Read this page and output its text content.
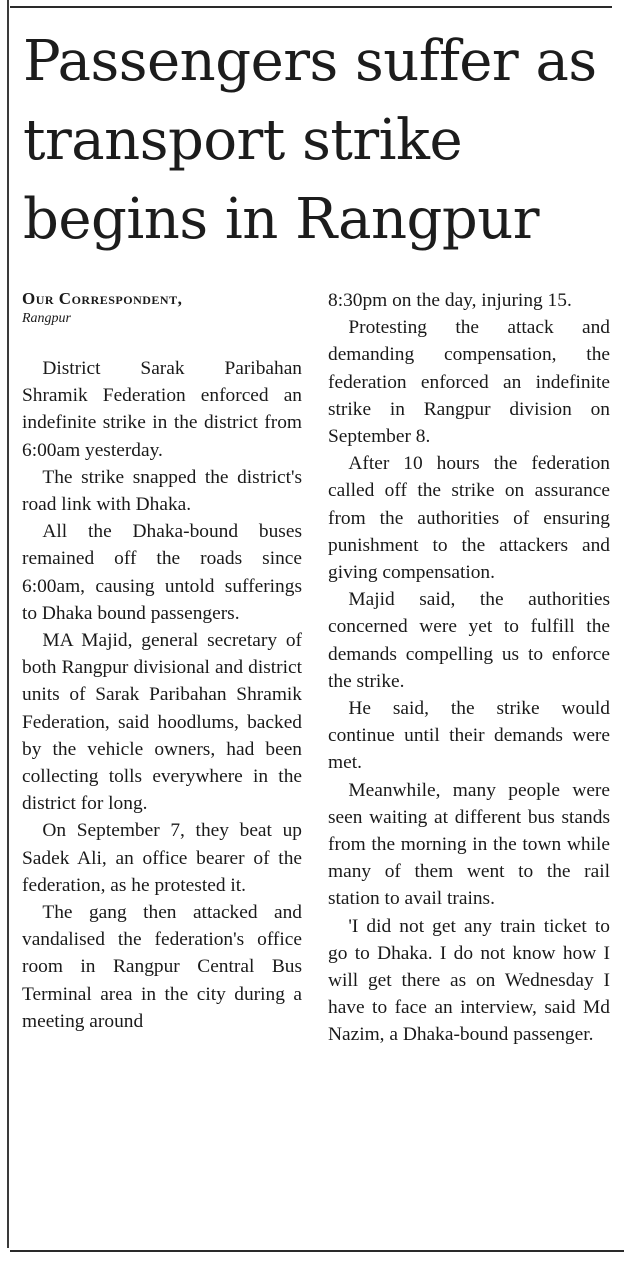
Passengers suffer as
transport strike
begins in Rangpur
Our Correspondent,
Rangpur

District Sarak Paribahan Shramik Federation enforced an indefinite strike in the district from 6:00am yesterday.

The strike snapped the district's road link with Dhaka.

All the Dhaka-bound buses remained off the roads since 6:00am, causing untold sufferings to Dhaka bound passengers.

MA Majid, general secretary of both Rangpur divisional and district units of Sarak Paribahan Shramik Federation, said hoodlums, backed by the vehicle owners, had been collecting tolls everywhere in the district for long.

On September 7, they beat up Sadek Ali, an office bearer of the federation, as he protested it.

The gang then attacked and vandalised the federation's office room in Rangpur Central Bus Terminal area in the city during a meeting around

8:30pm on the day, injuring 15.

Protesting the attack and demanding compensation, the federation enforced an indefinite strike in Rangpur division on September 8.

After 10 hours the federation called off the strike on assurance from the authorities of ensuring punishment to the attackers and giving compensation.

Majid said, the authorities concerned were yet to fulfill the demands compelling us to enforce the strike.

He said, the strike would continue until their demands were met.

Meanwhile, many people were seen waiting at different bus stands from the morning in the town while many of them went to the rail station to avail trains.

'I did not get any train ticket to go to Dhaka. I do not know how I will get there as on Wednesday I have to face an interview, said Md Nazim, a Dhaka-bound passenger.
